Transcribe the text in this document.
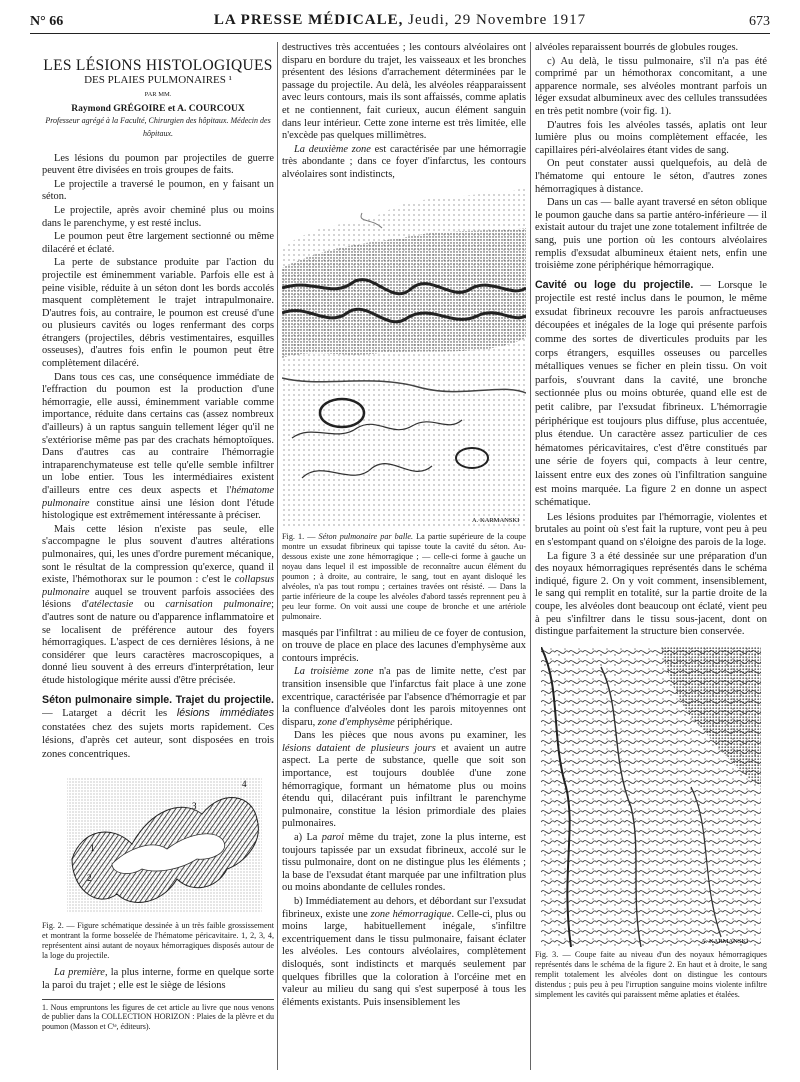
N° 66	LA PRESSE MÉDICALE, Jeudi, 29 Novembre 1917	673
LES LÉSIONS HISTOLOGIQUES
DES PLAIES PULMONAIRES ¹
PAR MM.
Raymond GRÉGOIRE et A. COURCOUX
Professeur agrégé à la Faculté, Chirurgien des hôpitaux. Médecin des hôpitaux.

Les lésions du poumon par projectiles de guerre peuvent être divisées en trois groupes de faits.

Le projectile a traversé le poumon, en y faisant un séton.

Le projectile, après avoir cheminé plus ou moins dans le parenchyme, y est resté inclus.

Le poumon peut être largement sectionné ou même dilacéré et éclaté.

La perte de substance produite par l'action du projectile est éminemment variable. Parfois elle est à peine visible, réduite à un séton dont les bords accolés masquent complètement le trajet intrapulmonaire. D'autres fois, au contraire, le poumon est creusé d'une ou plusieurs cavités ou loges renfermant des corps étrangers (projectiles, débris vestimentaires, esquilles osseuses), d'autres fois enfin le poumon peut être complètement dilacéré.

Dans tous ces cas, une conséquence immédiate de l'effraction du poumon est la production d'une hémorragie, elle aussi, éminemment variable comme importance, réduite dans certains cas (assez nombreux d'ailleurs) à un raptus sanguin tellement léger qu'il ne s'extériorise même pas par des crachats hémoptoïques. Dans d'autres cas au contraire l'hémorragie intraparenchymateuse est telle qu'elle semble infiltrer un lobe entier. Tous les intermédiaires existent d'ailleurs entre ces deux aspects et l'hématome pulmonaire constitue ainsi une lésion dont l'étude histologique est extrêmement intéressante à préciser.

Mais cette lésion n'existe pas seule, elle s'accompagne le plus souvent d'autres altérations pulmonaires, qui, les unes d'ordre purement mécanique, sont le résultat de la compression qu'exerce, quand il existe, l'hémothorax sur le poumon : c'est le collapsus pulmonaire auquel se trouvent parfois associées des lésions d'atélectasie ou carnisation pulmonaire; d'autres sont de nature ou d'apparence inflammatoire et se localisent de préférence autour des foyers hémorragiques. L'aspect de ces dernières lésions, à ne considérer que leurs caractères macroscopiques, a donné lieu souvent à des erreurs d'interprétation, leur étude histologique mérite aussi d'être précisée.

Séton pulmonaire simple. Trajet du projectile. — Latarget a décrit les lésions immédiates constatées chez des sujets morts rapidement. Ces lésions, d'après cet auteur, sont disposées en trois zones concentriques.
1
2
3
4

Fig. 2. — Figure schématique dessinée à un très faible grossissement et montrant la forme bosselée de l'hématome péricavitaire. 1, 2, 3, 4, représentent ainsi autant de noyaux hémorragiques disposés autour de la loge du projectile.

La première, la plus interne, forme en quelque sorte la paroi du trajet ; elle est le siège de lésions

1. Nous empruntons les figures de cet article au livre que nous venons de publier dans la COLLECTION HORIZON : Plaies de la plèvre et du poumon (Masson et Cⁱᵉ, éditeurs).

destructives très accentuées ; les contours alvéolaires ont disparu en bordure du trajet, les vaisseaux et les bronches présentent des lésions d'arrachement déterminées par le passage du projectile. Au delà, les alvéoles réapparaissent avec leurs contours, mais ils sont affaissés, comme aplatis et ne contiennent, fait curieux, aucun élément sanguin dans leur intérieur. Cette zone interne est très limitée, elle n'excède pas quelques millimètres.

La deuxième zone est caractérisée par une hémorragie très abondante ; dans ce foyer d'infarctus, les contours alvéolaires sont indistincts,

A. KARMANSKI

Fig. 1. — Séton pulmonaire par balle. La partie supérieure de la coupe montre un exsudat fibrineux qui tapisse toute la cavité du séton. Au-dessous existe une zone hémorragique ; — celle-ci forme à gauche un noyau dans lequel il est impossible de reconnaître aucun élément du poumon ; à droite, au contraire, le sang, tout en ayant disloqué les alvéoles, n'a pas tout rompu ; certaines travées ont résisté. — Dans la partie inférieure de la coupe les alvéoles d'abord tassés reprennent peu à peu leur forme. On voit aussi une coupe de bronche et une artériole pulmonaire.

masqués par l'infiltrat : au milieu de ce foyer de contusion, on trouve de place en place des lacunes d'emphysème aux contours imprécis.

La troisième zone n'a pas de limite nette, c'est par transition insensible que l'infarctus fait place à une zone excentrique, caractérisée par l'absence d'hémorragie et par la confluence d'alvéoles dont les parois mitoyennes ont disparu, zone d'emphysème périphérique.

Dans les pièces que nous avons pu examiner, les lésions dataient de plusieurs jours et avaient un autre aspect. La perte de substance, quelle que soit son importance, est toujours doublée d'une zone hémorragique, formant un hématome plus ou moins étendu qui, dilacérant puis infiltrant le parenchyme pulmonaire, constitue la lésion primordiale des plaies pulmonaires.

a) La paroi même du trajet, zone la plus interne, est toujours tapissée par un exsudat fibrineux, accolé sur le tissu pulmonaire, dont on ne distingue plus les éléments ; la base de l'exsudat étant marquée par une infiltration plus ou moins abondante de cellules rondes.

b) Immédiatement au dehors, et débordant sur l'exsudat fibrineux, existe une zone hémorragique. Celle-ci, plus ou moins large, habituellement inégale, s'infiltre excentriquement dans le tissu pulmonaire, faisant éclater les alvéoles. Les contours alvéolaires, complètement disloqués, sont indistincts et marqués seulement par quelques fibrilles que la coloration à l'orcéine met en valeur au milieu du sang qui s'est superposé à tous les éléments existants. Puis insensiblement les

alvéoles reparaissent bourrés de globules rouges.

c) Au delà, le tissu pulmonaire, s'il n'a pas été comprimé par un hémothorax concomitant, a une apparence normale, ses alvéoles montrant parfois un léger exsudat albumineux avec des cellules transsudées en très petit nombre (voir fig. 1).

D'autres fois les alvéoles tassés, aplatis ont leur lumière plus ou moins complètement effacée, les capillaires péri-alvéolaires étant vides de sang.

On peut constater aussi quelquefois, au delà de l'hématome qui entoure le séton, d'autres zones hémorragiques à distance.

Dans un cas — balle ayant traversé en séton oblique le poumon gauche dans sa partie antéro-inférieure — il existait autour du trajet une zone totalement infiltrée de sang, puis une portion où les contours alvéolaires remplis d'exsudat albumineux étaient nets, enfin une troisième zone périphérique hémorragique.

Cavité ou loge du projectile. — Lorsque le projectile est resté inclus dans le poumon, le même exsudat fibrineux recouvre les parois anfractueuses découpées et inégales de la loge qui présente parfois comme des sortes de diverticules produits par les corps étrangers, esquilles osseuses ou parcelles métalliques venues se ficher en plein tissu. On voit parfois, s'ouvrant dans la cavité, une bronche sectionnée plus ou moins obturée, quand elle est de petit calibre, par l'exsudat fibrineux. L'hémorragie périphérique est toujours plus diffuse, plus accentuée, plus étendue. Un caractère assez particulier de ces hématomes péricavitaires, c'est d'être constitués par une série de foyers qui, compacts à leur centre, laissent entre eux des zones où l'infiltration sanguine est moins marquée. La figure 2 en donne un aspect schématique.

Les lésions produites par l'hémorragie, violentes et brutales au point où s'est fait la rupture, vont peu à peu en s'estompant quand on s'éloigne des parois de la loge.

La figure 3 a été dessinée sur une préparation d'un des noyaux hémorragiques représentés dans le schéma indiqué, figure 2. On y voit comment, insensiblement, le sang qui remplit en totalité, sur la partie droite de la coupe, les alvéoles dont beaucoup ont éclaté, vient peu à peu s'infiltrer dans le tissu sous-jacent, dont on distingue parfaitement la structure bien conservée.

A. KARMANSKI

Fig. 3. — Coupe faite au niveau d'un des noyaux hémorragiques représentés dans le schéma de la figure 2. En haut et à droite, le sang remplit totalement les alvéoles dont on distingue les contours distendus ; puis peu à peu l'irruption sanguine moins violente infiltre simplement les cavités qui paraissent même aplaties et étalées.
